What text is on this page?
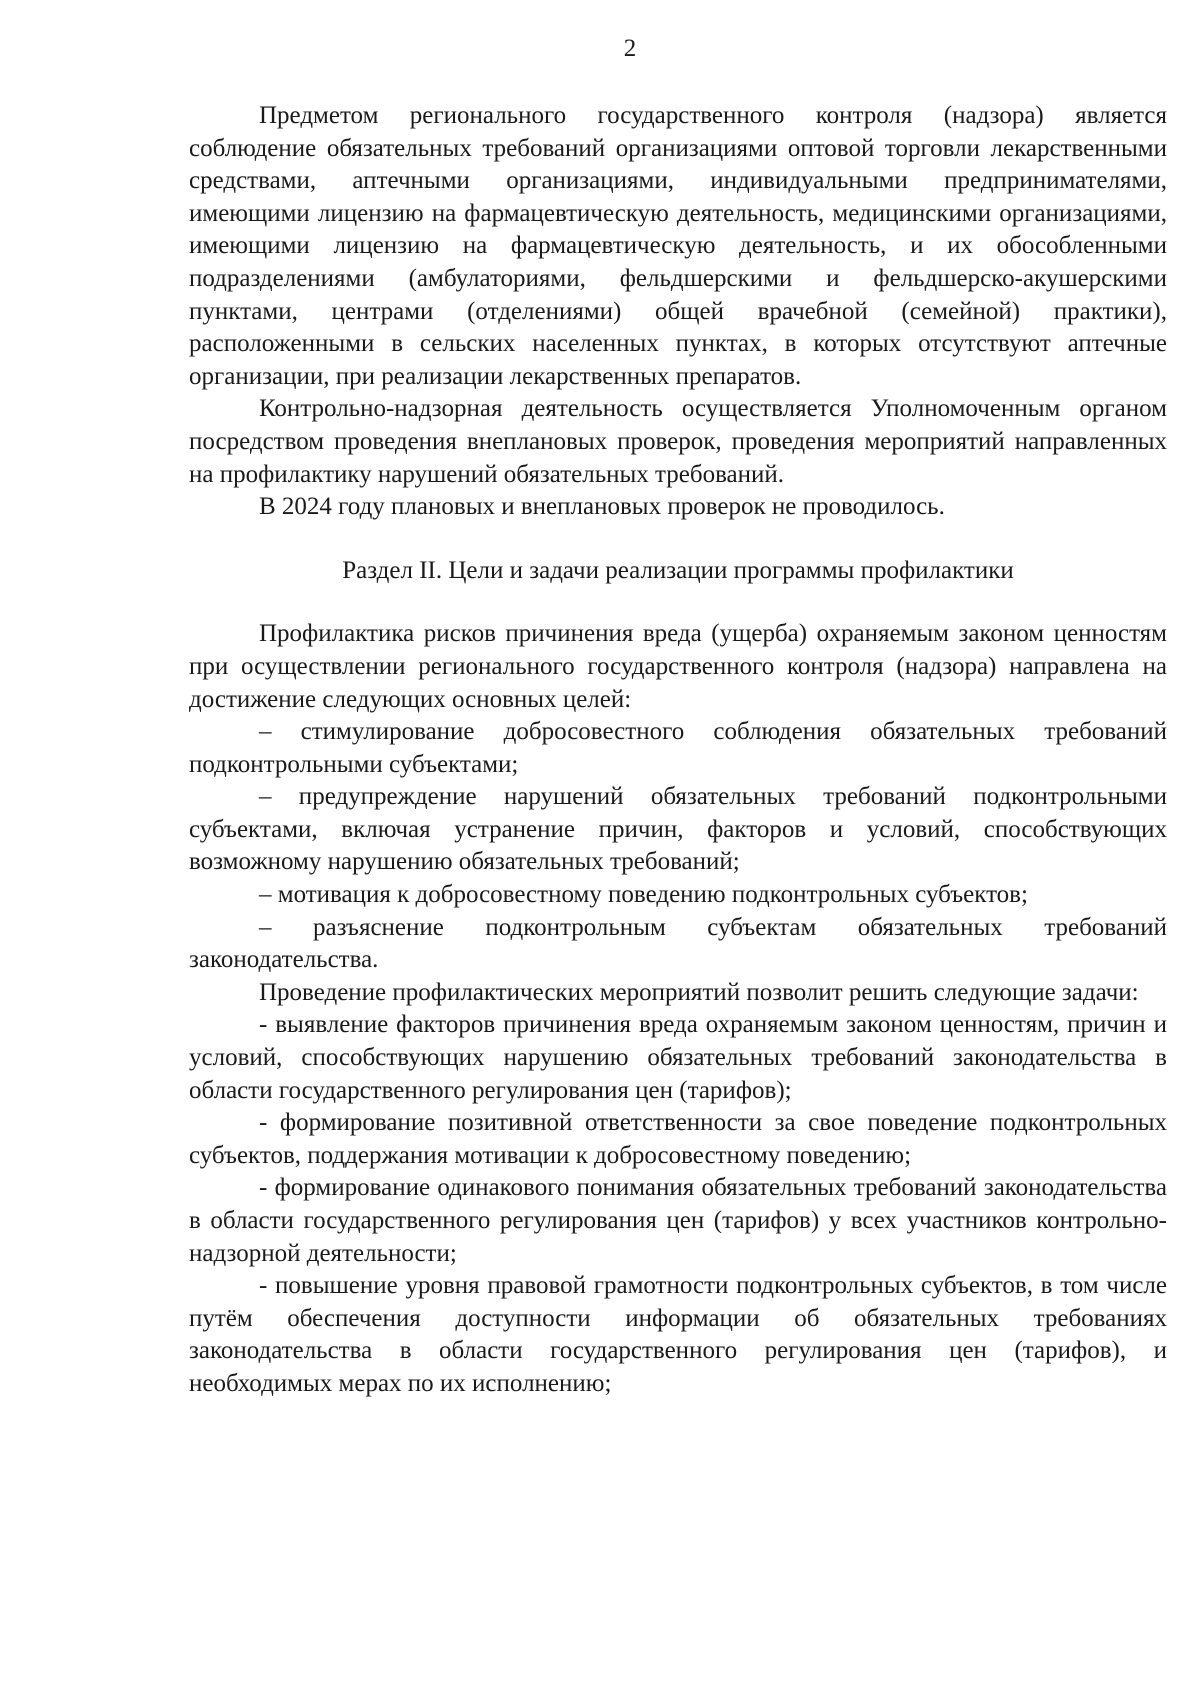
2

Предметом регионального государственного контроля (надзора) является соблюдение обязательных требований организациями оптовой торговли лекарственными средствами, аптечными организациями, индивидуальными предпринимателями, имеющими лицензию на фармацевтическую деятельность, медицинскими организациями, имеющими лицензию на фармацевтическую деятельность, и их обособленными подразделениями (амбулаториями, фельдшерскими и фельдшерско-акушерскими пунктами, центрами (отделениями) общей врачебной (семейной) практики), расположенными в сельских населенных пунктах, в которых отсутствуют аптечные организации, при реализации лекарственных препаратов.

Контрольно-надзорная деятельность осуществляется Уполномоченным органом посредством проведения внеплановых проверок, проведения мероприятий направленных на профилактику нарушений обязательных требований.

В 2024 году плановых и внеплановых проверок не проводилось.

Раздел II. Цели и задачи реализации программы профилактики

Профилактика рисков причинения вреда (ущерба) охраняемым законом ценностям при осуществлении регионального государственного контроля (надзора) направлена на достижение следующих основных целей:

– стимулирование добросовестного соблюдения обязательных требований подконтрольными субъектами;

– предупреждение нарушений обязательных требований подконтрольными субъектами, включая устранение причин, факторов и условий, способствующих возможному нарушению обязательных требований;

– мотивация к добросовестному поведению подконтрольных субъектов;

– разъяснение подконтрольным субъектам обязательных требований законодательства.

Проведение профилактических мероприятий позволит решить следующие задачи:

- выявление факторов причинения вреда охраняемым законом ценностям, причин и условий, способствующих нарушению обязательных требований законодательства в области государственного регулирования цен (тарифов);

- формирование позитивной ответственности за свое поведение подконтрольных субъектов, поддержания мотивации к добросовестному поведению;

- формирование одинакового понимания обязательных требований законодательства в области государственного регулирования цен (тарифов) у всех участников контрольно-надзорной деятельности;

- повышение уровня правовой грамотности подконтрольных субъектов, в том числе путём обеспечения доступности информации об обязательных требованиях законодательства в области государственного регулирования цен (тарифов), и необходимых мерах по их исполнению;
